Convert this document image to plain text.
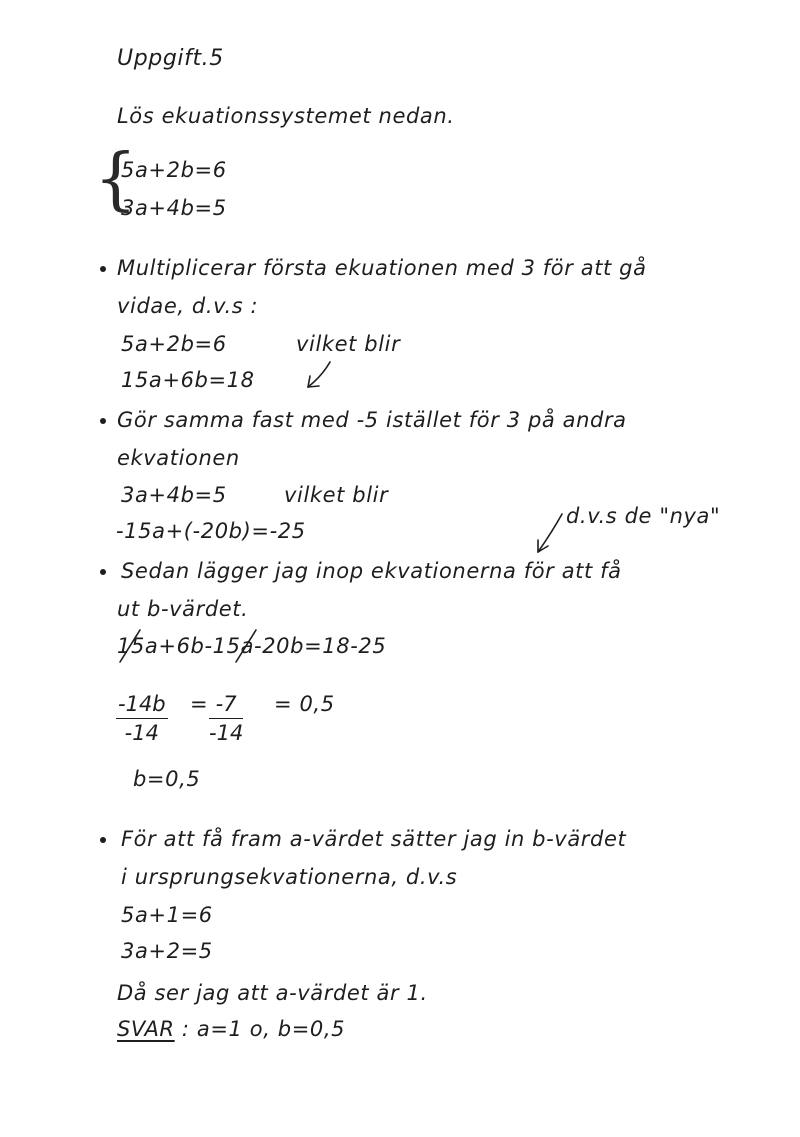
Uppgift.5
Lös ekuationssystemet nedan.
{
5a+2b=6
3a+4b=5
Multiplicerar första ekuationen med 3 för att gå
vidae, d.v.s :
5a+2b=6	vilket blir
15a+6b=18
Gör samma fast med -5 istället för 3 på andra
ekvationen
3a+4b=5	vilket blir
-15a+(-20b)=-25
d.v.s de "nya"
Sedan lägger jag inop ekvationerna för att få
ut b-värdet.
15a+6b-15a-20b=18-25
$\frac{-14b}{-14} = \frac{-7}{-14} = 0,5$
b=0,5
För att få fram a-värdet sätter jag in b-värdet
i ursprungsekvationerna, d.v.s
5a+1=6
3a+2=5
Då ser jag att a-värdet är 1.
SVAR : a=1 o, b=0,5
